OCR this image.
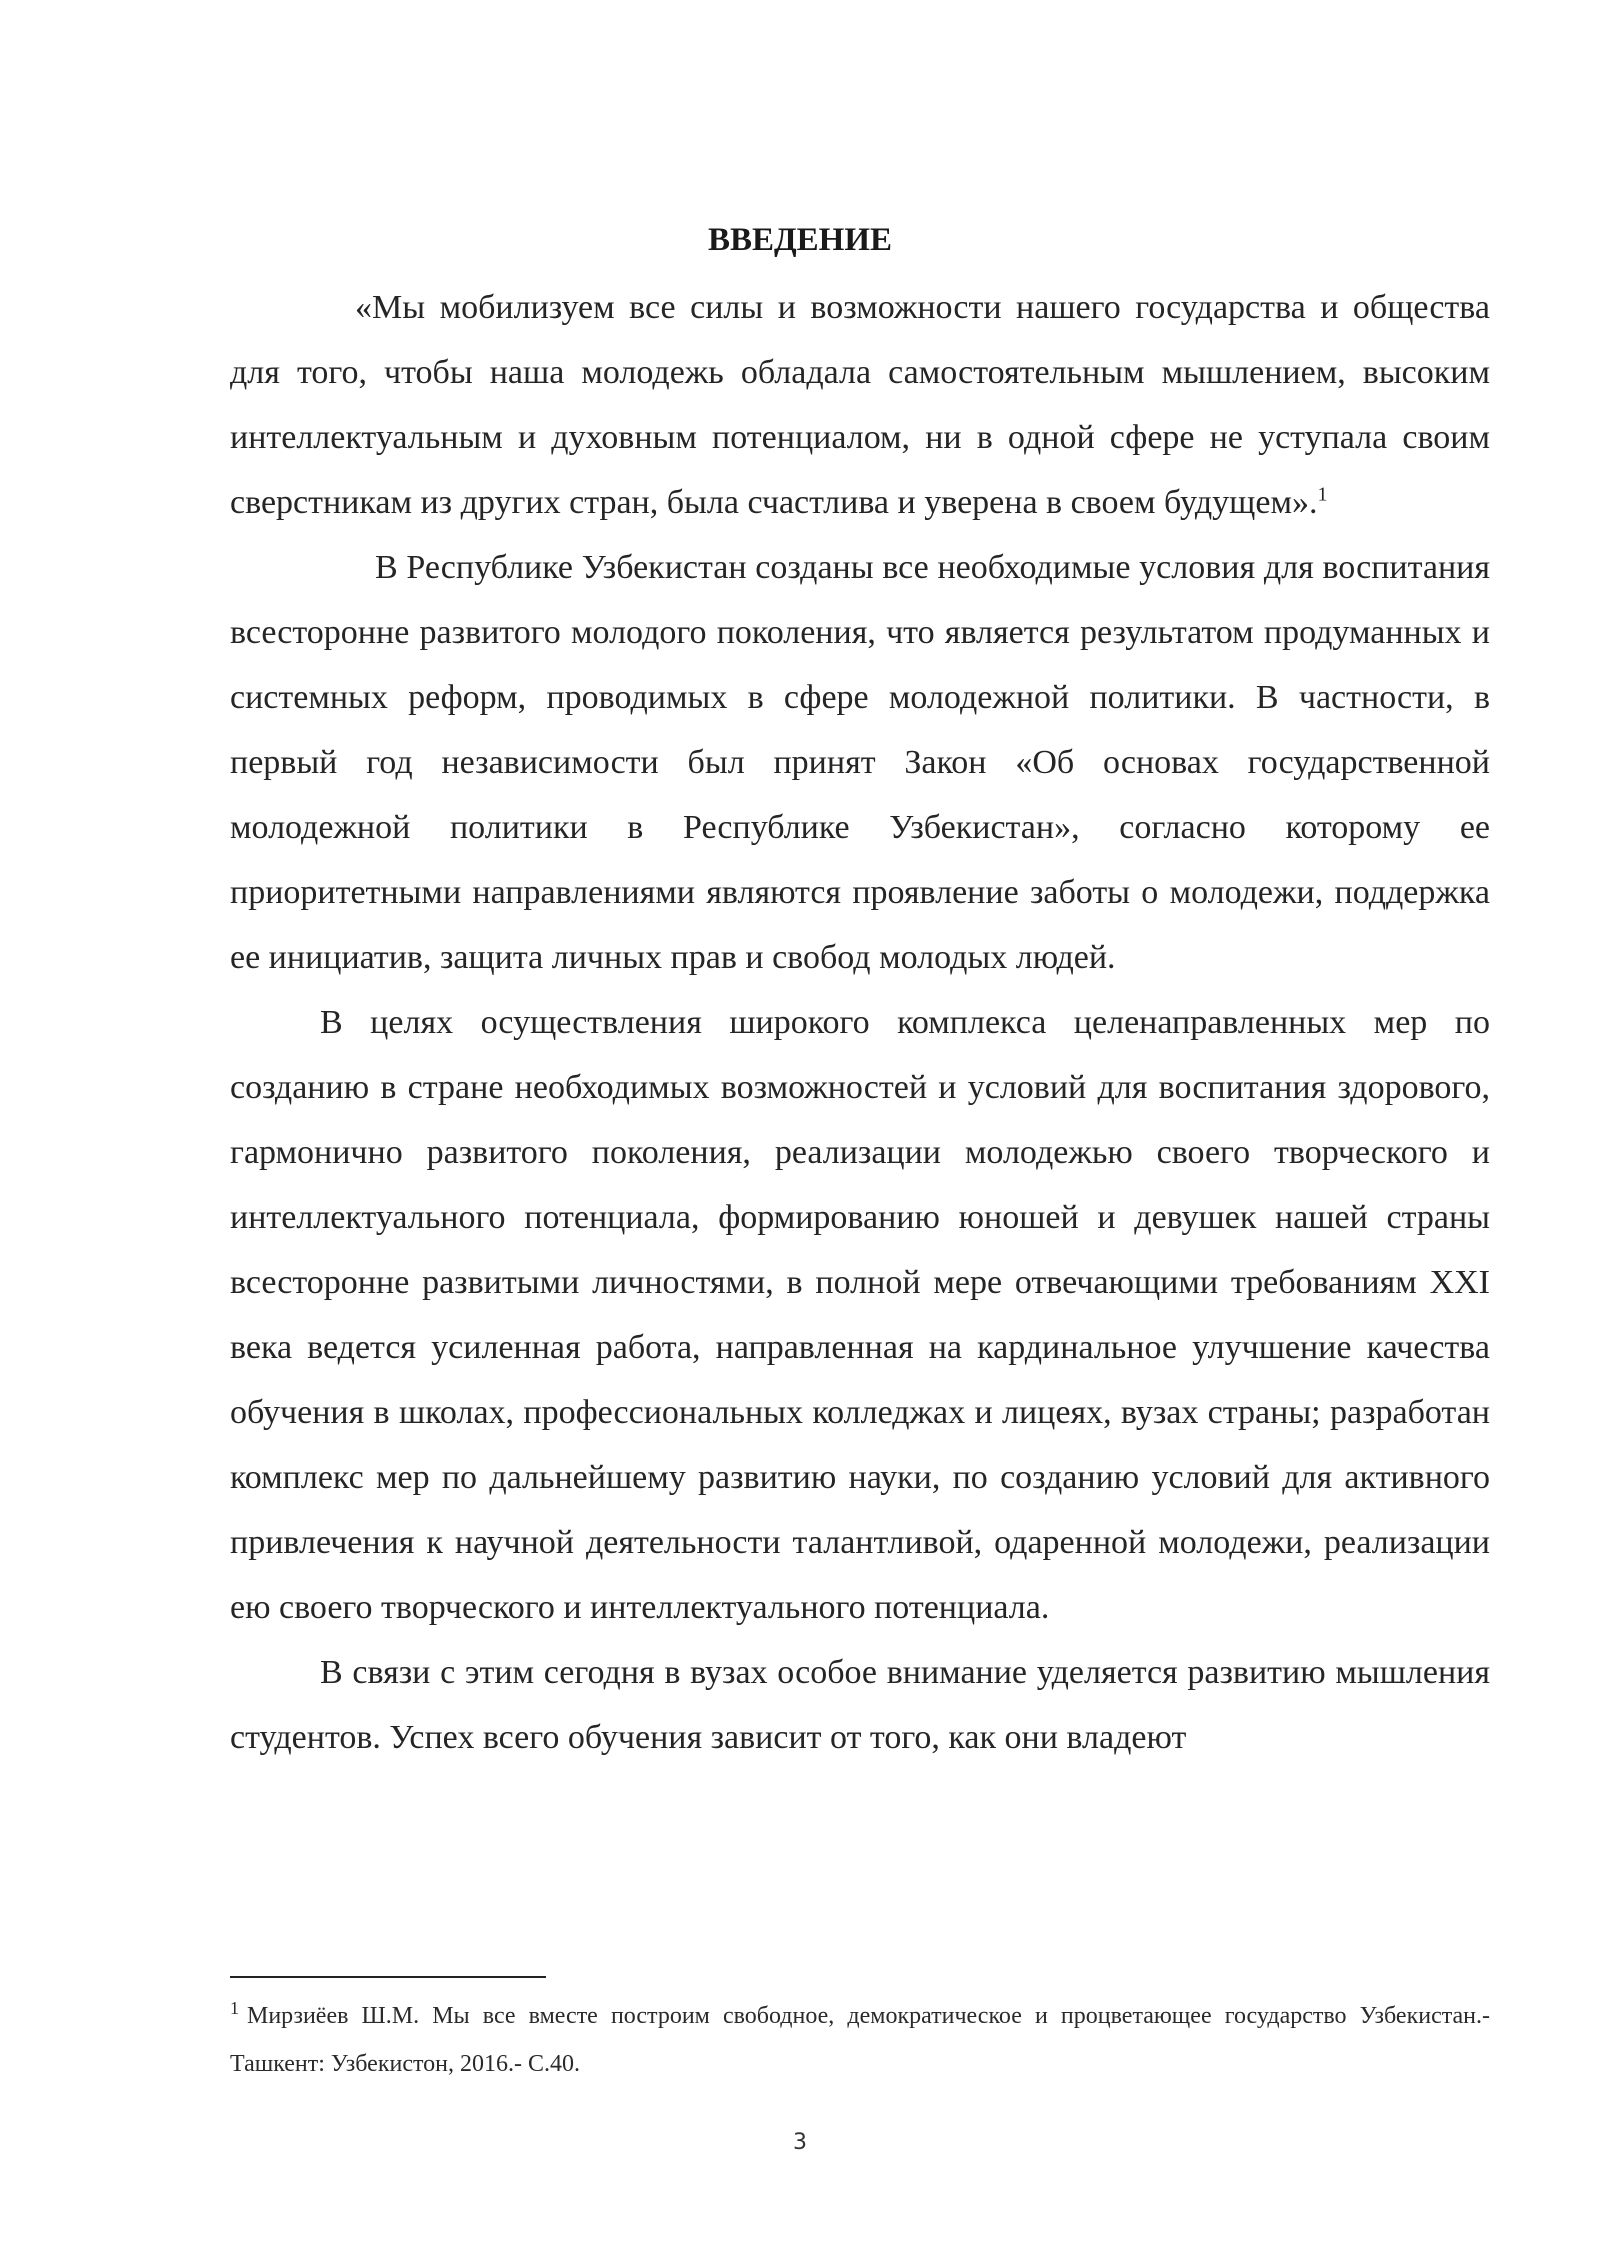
ВВЕДЕНИЕ

«Мы мобилизуем все силы и возможности нашего государства и общества для того, чтобы наша молодежь обладала самостоятельным мышлением, высоким интеллектуальным и духовным потенциалом, ни в одной сфере не уступала своим сверстникам из других стран, была счастлива и уверена в своем будущем».$^1$

В Республике Узбекистан созданы все необходимые условия для воспитания всесторонне развитого молодого поколения, что является результатом продуманных и системных реформ, проводимых в сфере молодежной политики. В частности, в первый год независимости был принят Закон «Об основах государственной молодежной политики в Республике Узбекистан», согласно которому ее приоритетными направлениями являются проявление заботы о молодежи, поддержка ее инициатив, защита личных прав и свобод молодых людей.

В целях осуществления широкого комплекса целенаправленных мер по созданию в стране необходимых возможностей и условий для воспитания здорового, гармонично развитого поколения, реализации молодежью своего творческого и интеллектуального потенциала, формированию юношей и девушек нашей страны всесторонне развитыми личностями, в полной мере отвечающими требованиям XXI века ведется усиленная работа, направленная на кардинальное улучшение качества обучения в школах, профессиональных колледжах и лицеях, вузах страны; разработан комплекс мер по дальнейшему развитию науки, по созданию условий для активного привлечения к научной деятельности талантливой, одаренной молодежи, реализации ею своего творческого и интеллектуального потенциала.

В связи с этим сегодня в вузах особое внимание уделяется развитию мышления студентов. Успех всего обучения зависит от того, как они владеют

$^1$ Мирзиёев Ш.М. Мы все вместе построим свободное, демократическое и процветающее государство Узбекистан.- Ташкент: Узбекистон, 2016.- С.40.

3
